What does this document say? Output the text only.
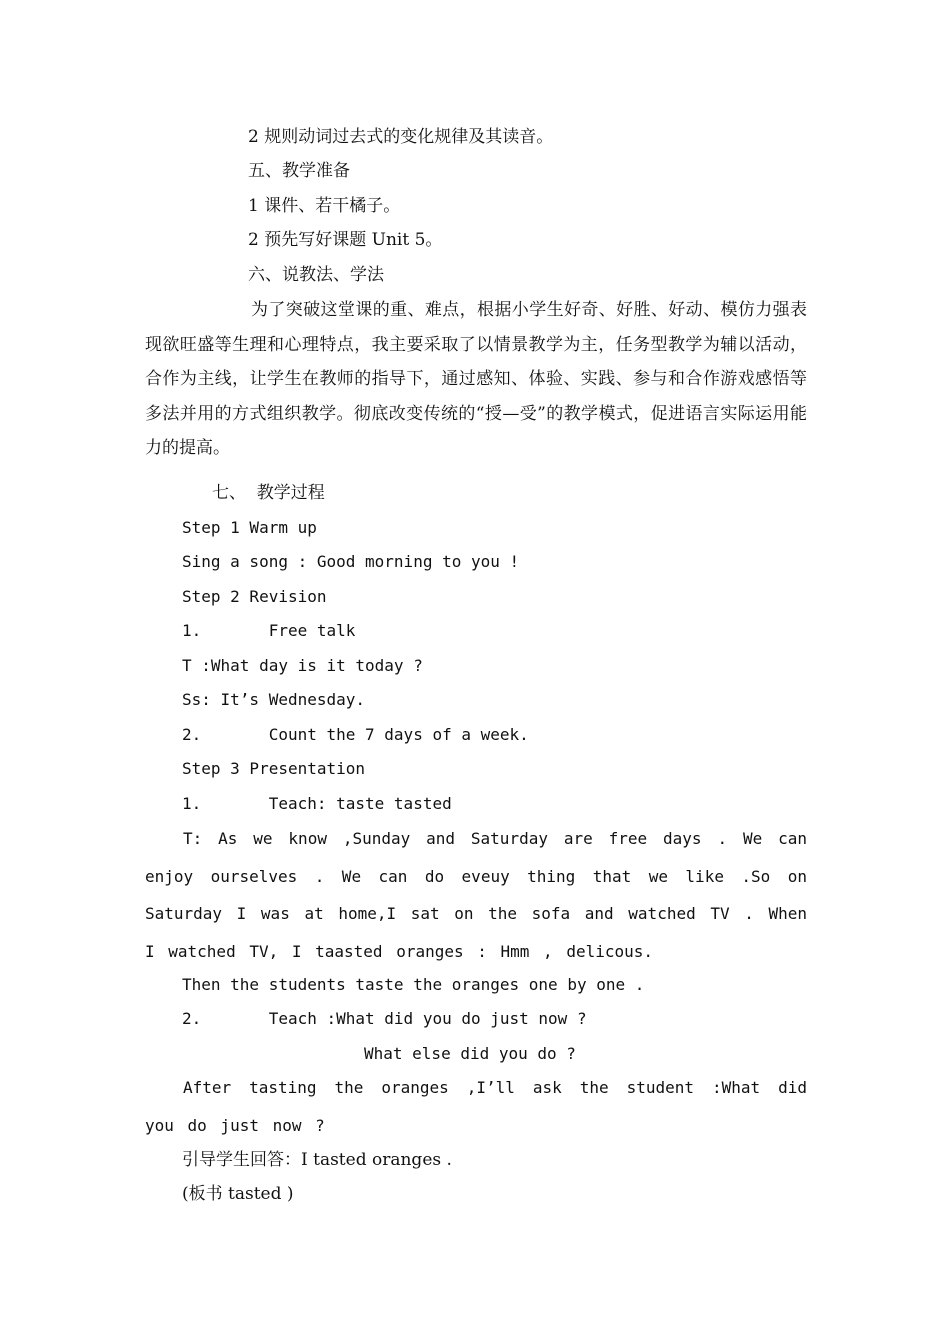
2 规则动词过去式的变化规律及其读音。
五、教学准备
1 课件、若干橘子。
2 预先写好课题 Unit 5。
六、说教法、学法
为了突破这堂课的重、难点，根据小学生好奇、好胜、好动、模仿力强表现欲旺盛等生理和心理特点，我主要采取了以情景教学为主，任务型教学为辅以活动，合作为主线，让学生在教师的指导下，通过感知、体验、实践、参与和合作游戏感悟等多法并用的方式组织教学。彻底改变传统的“授—受”的教学模式，促进语言实际运用能力的提高。
七、  教学过程
Step 1 Warm up
Sing a song : Good morning to you !
Step 2 Revision
1.       Free talk
T :What day is it today ?
Ss: It’s Wednesday.
2.       Count the 7 days of a week.
Step 3 Presentation
1.       Teach: taste tasted
T: As we know ,Sunday and Saturday are free days . We can enjoy ourselves . We can do eveuy thing that we like .So on Saturday I was at home,I sat on the sofa and watched TV . When I watched TV, I taasted oranges : Hmm , delicous.
Then the students taste the oranges one by one .
2.       Teach :What did you do just now ?
What else did you do ?
After tasting the oranges ,I’ll ask the student :What did you do just now ?
引导学生回答：I tasted oranges .
(板书 tasted )
